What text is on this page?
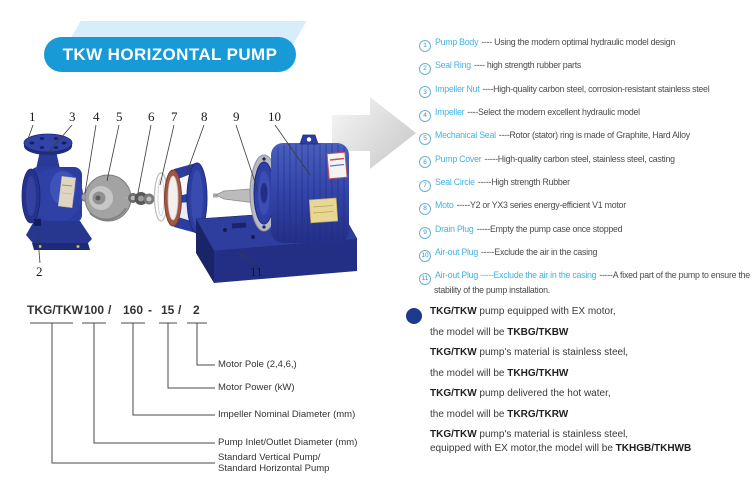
TKW HORIZONTAL PUMP
1	3 4 5 6 7 8 9 10
2	11
1 Pump Body ---- Using the modern optimal hydraulic model design
2 Seal Ring ---- high strength rubber parts
3 Impeller Nut ----High-quality carbon steel, corrosion-resistant stainless steel
4 Impeller ----Select the modern excellent hydraulic model
5 Mechanical Seal ----Rotor (stator) ring is made of Graphite, Hard Alloy
6 Pump Cover -----High-quality carbon steel, stainless steel, casting
7 Seal Circle -----High strength Rubber
8 Moto -----Y2 or YX3 series energy-efficient V1 motor
9 Drain Plug -----Empty the pump case once stopped
10 Air-out Plug -----Exclude the air in the casing
11 Air-out Plug -----Exclude the air in the casing -----A fixed part of the pump to ensure the stability of the pump installation.
TKG/TKW 100 / 160 - 15 / 2
Motor Pole (2,4,6,)
Motor Power (kW)
Impeller Nominal Diameter (mm)
Pump Inlet/Outlet Diameter (mm)
Standard Vertical Pump/
Standard Horizontal Pump
TKG/TKW pump equipped with EX motor,
the model will be TKBG/TKBW
TKG/TKW pump's material is stainless steel,
the model will be TKHG/TKHW
TKG/TKW pump delivered the hot water,
the model will be TKRG/TKRW
TKG/TKW pump's material is stainless steel,
equipped with EX motor,the model will be TKHGB/TKHWB
